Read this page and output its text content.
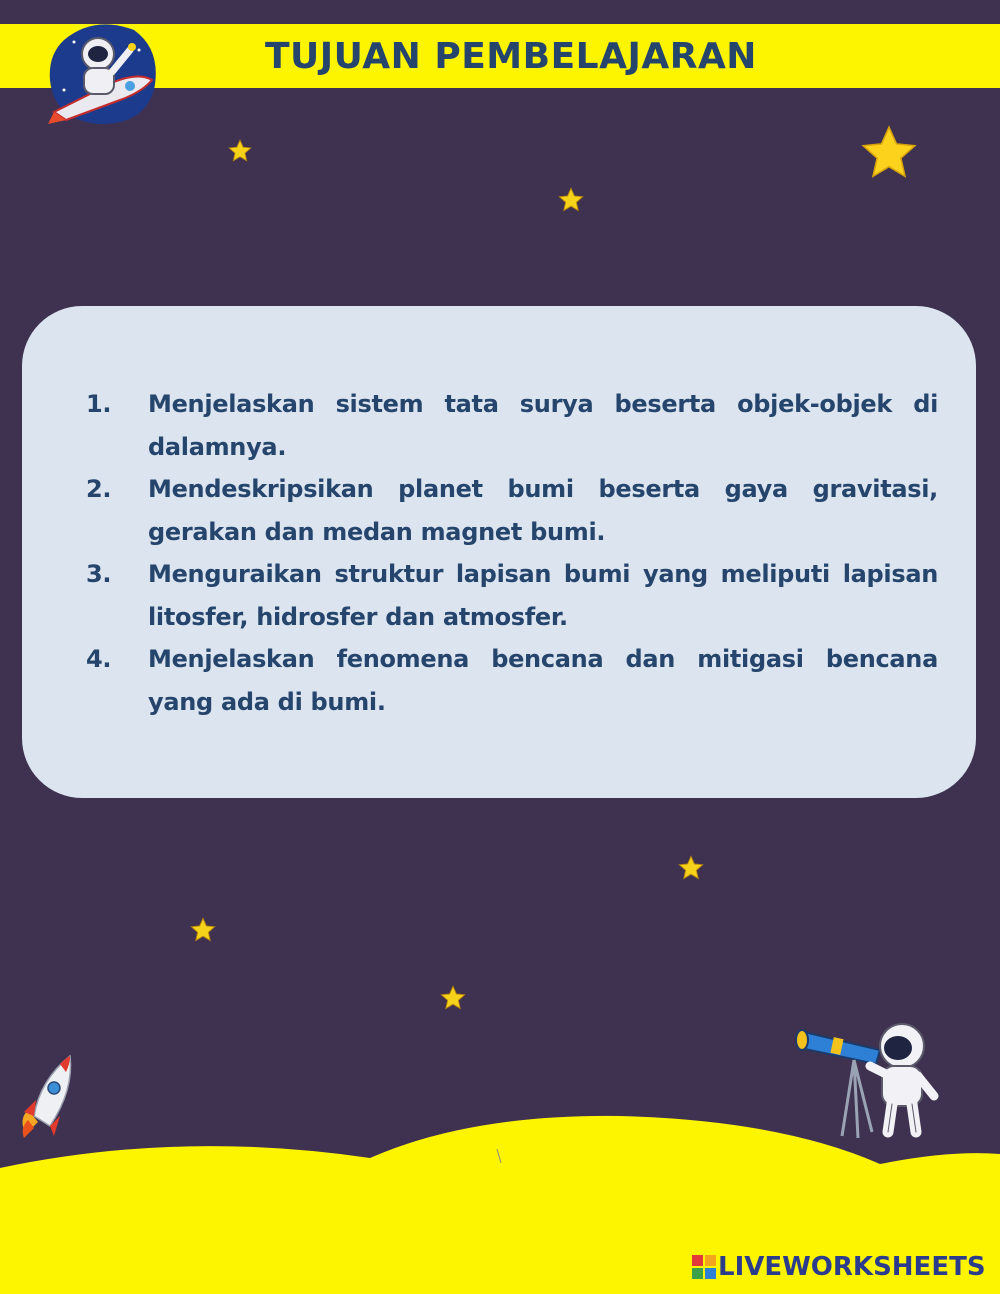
TUJUAN PEMBELAJARAN
1. Menjelaskan sistem tata surya beserta objek-objek di dalamnya.
2. Mendeskripsikan planet bumi beserta gaya gravitasi, gerakan dan medan magnet bumi.
3. Menguraikan struktur lapisan bumi yang meliputi lapisan litosfer, hidrosfer dan atmosfer.
4. Menjelaskan fenomena bencana dan mitigasi bencana yang ada di bumi.
LIVEWORKSHEETS
